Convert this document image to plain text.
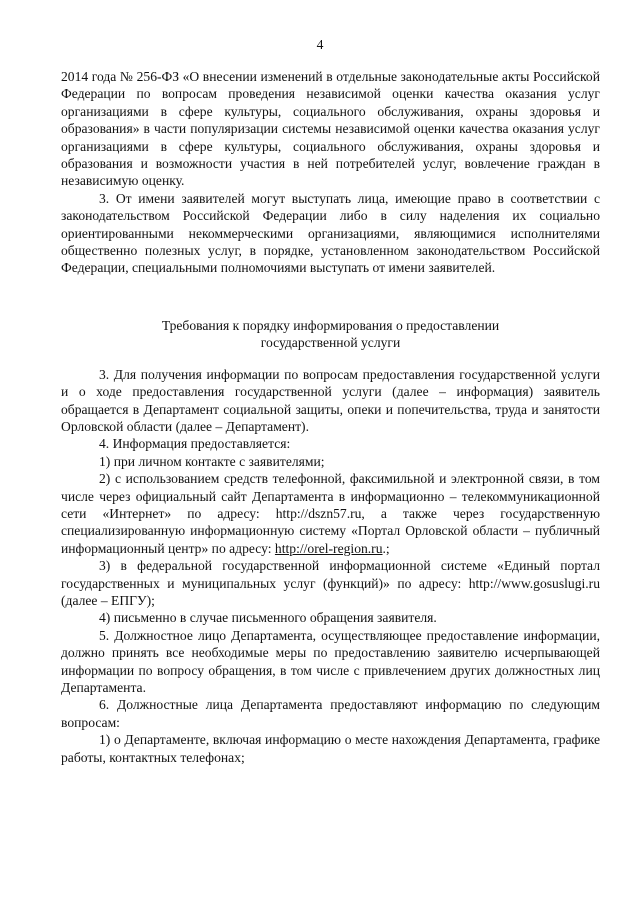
4

2014 года № 256-ФЗ «О внесении изменений в отдельные законодательные акты Российской Федерации по вопросам проведения независимой оценки качества оказания услуг организациями в сфере культуры, социального обслуживания, охраны здоровья и образования» в части популяризации системы независимой оценки качества оказания услуг организациями в сфере культуры, социального обслуживания, охраны здоровья и образования и возможности участия в ней потребителей услуг, вовлечение граждан в независимую оценку.

3. От имени заявителей могут выступать лица, имеющие право в соответствии с законодательством Российской Федерации либо в силу наделения их социально ориентированными некоммерческими организациями, являющимися исполнителями общественно полезных услуг, в порядке, установленном законодательством Российской Федерации, специальными полномочиями выступать от имени заявителей.

Требования к порядку информирования о предоставлении
государственной услуги

3. Для получения информации по вопросам предоставления государственной услуги и о ходе предоставления государственной услуги (далее – информация) заявитель обращается в Департамент социальной защиты, опеки и попечительства, труда и занятости Орловской области (далее – Департамент).

4. Информация предоставляется:

1) при личном контакте с заявителями;

2) с использованием средств телефонной, факсимильной и электронной связи, в том числе через официальный сайт Департамента в информационно – телекоммуникационной сети «Интернет» по адресу: http://dszn57.ru, а также через государственную специализированную информационную систему «Портал Орловской области – публичный информационный центр» по адресу: http://orel-region.ru.;

3) в федеральной государственной информационной системе «Единый портал государственных и муниципальных услуг (функций)» по адресу: http://www.gosuslugi.ru (далее – ЕПГУ);

4) письменно в случае письменного обращения заявителя.

5. Должностное лицо Департамента, осуществляющее предоставление информации, должно принять все необходимые меры по предоставлению заявителю исчерпывающей информации по вопросу обращения, в том числе с привлечением других должностных лиц Департамента.

6. Должностные лица Департамента предоставляют информацию по следующим вопросам:

1) о Департаменте, включая информацию о месте нахождения Департамента, графике работы, контактных телефонах;
